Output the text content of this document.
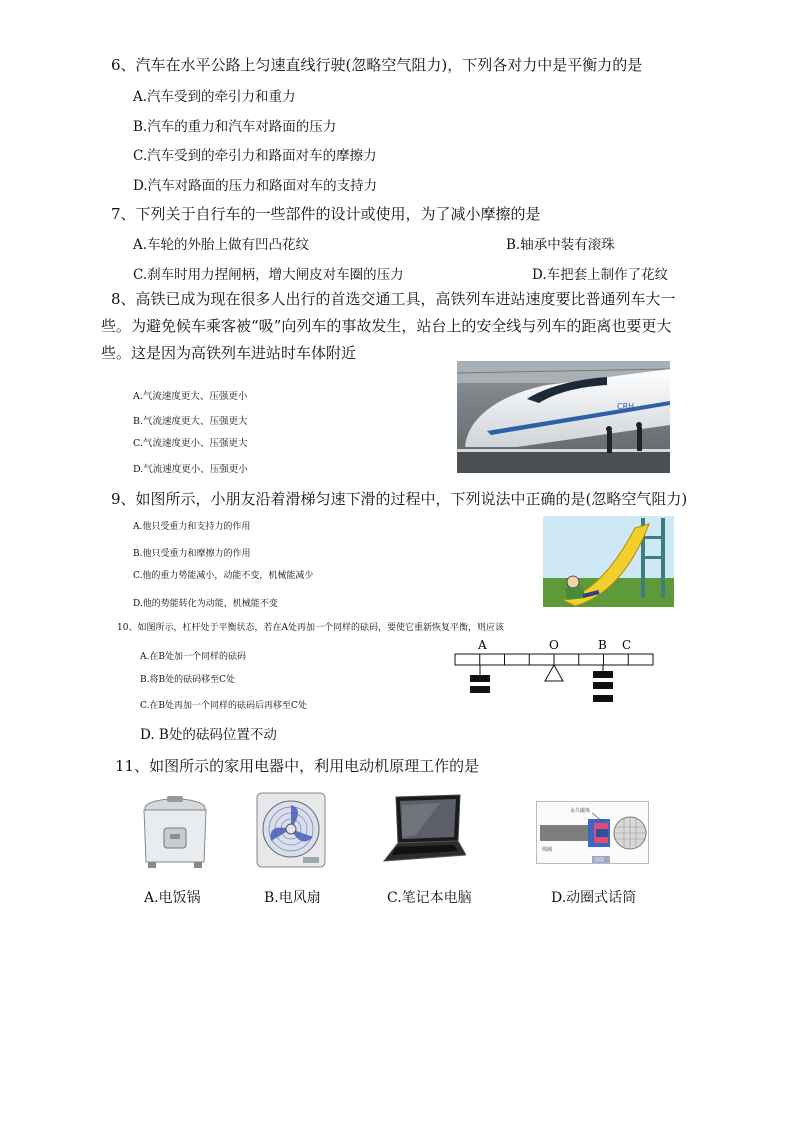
6、汽车在水平公路上匀速直线行驶(忽略空气阻力)，下列各对力中是平衡力的是
A.汽车受到的牵引力和重力
B.汽车的重力和汽车对路面的压力
C.汽车受到的牵引力和路面对车的摩擦力
D.汽车对路面的压力和路面对车的支持力
7、下列关于自行车的一些部件的设计或使用，为了减小摩擦的是
A.车轮的外胎上做有凹凸花纹	B.轴承中装有滚珠
C.刹车时用力捏闸柄，增大闸皮对车圈的压力	D.车把套上制作了花纹
8、高铁已成为现在很多人出行的首选交通工具，高铁列车进站速度要比普通列车大一些。为避免候车乘客被“吸”向列车的事故发生，站台上的安全线与列车的距离也要更大些。这是因为高铁列车进站时车体附近
A.气流速度更大、压强更小
B.气流速度更大、压强更大
C.气流速度更小、压强更大
D.气流速度更小、压强更小
CRH
9、如图所示，小朋友沿着滑梯匀速下滑的过程中，下列说法中正确的是(忽略空气阻力)
A.他只受重力和支持力的作用
B.他只受重力和摩擦力的作用
C.他的重力势能减小，动能不变，机械能减少
D.他的势能转化为动能，机械能不变
10、如图所示，杠杆处于平衡状态，若在A处再加一个同样的砝码，要使它重新恢复平衡，则应该
A.在B处加一个同样的砝码
B.将B处的砝码移至C处
C.在B处再加一个同样的砝码后再移至C处
D. B处的砝码位置不动
A	O	B C
11、如图所示的家用电器中，利用电动机原理工作的是
A.电饭锅	B.电风扇	C.笔记本电脑
永久磁体
线圈
话筒
D.动圈式话筒
